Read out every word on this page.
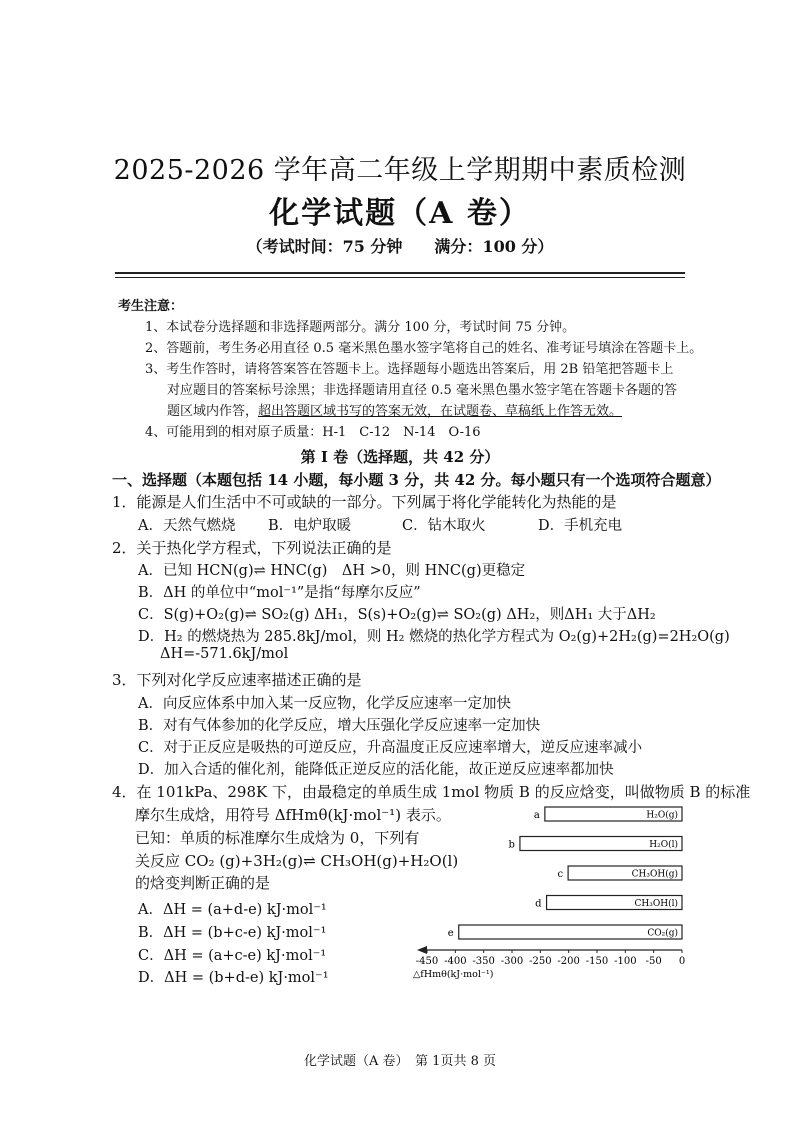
2025-2026 学年高二年级上学期期中素质检测
化学试题（A 卷）
（考试时间：75 分钟　　满分：100 分）
考生注意：
1、本试卷分选择题和非选择题两部分。满分 100 分，考试时间 75 分钟。
2、答题前，考生务必用直径 0.5 毫米黑色墨水签字笔将自己的姓名、准考证号填涂在答题卡上。
3、考生作答时，请将答案答在答题卡上。选择题每小题选出答案后，用 2B 铅笔把答题卡上
对应题目的答案标号涂黑；非选择题请用直径 0.5 毫米黑色墨水签字笔在答题卡各题的答
题区域内作答，超出答题区域书写的答案无效，在试题卷、草稿纸上作答无效。
4、可能用到的相对原子质量：H-1　C-12　N-14　O-16
第 I 卷（选择题，共 42 分）
一、选择题（本题包括 14 小题，每小题 3 分，共 42 分。每小题只有一个选项符合题意）
1．能源是人们生活中不可或缺的一部分。下列属于将化学能转化为热能的是
A．天然气燃烧 B．电炉取暖	C．钻木取火	D．手机充电
2．关于热化学方程式，下列说法正确的是
A．已知 HCN(g)⇌ HNC(g)　ΔH >0，则 HNC(g)更稳定
B．ΔH 的单位中“mol⁻¹”是指“每摩尔反应”
C．S(g)+O₂(g)⇌ SO₂(g) ΔH₁，S(s)+O₂(g)⇌ SO₂(g) ΔH₂，则ΔH₁ 大于ΔH₂
D．H₂ 的燃烧热为 285.8kJ/mol，则 H₂ 燃烧的热化学方程式为 O₂(g)+2H₂(g)=2H₂O(g)
ΔH=-571.6kJ/mol
3．下列对化学反应速率描述正确的是
A．向反应体系中加入某一反应物，化学反应速率一定加快
B．对有气体参加的化学反应，增大压强化学反应速率一定加快
C．对于正反应是吸热的可逆反应，升高温度正反应速率增大，逆反应速率减小
D．加入合适的催化剂，能降低正逆反应的活化能，故正逆反应速率都加快
4．在 101kPa、298K 下，由最稳定的单质生成 1mol 物质 B 的反应焓变，叫做物质 B 的标准
摩尔生成焓，用符号 ΔfHmθ(kJ·mol⁻¹) 表示。
已知：单质的标准摩尔生成焓为 0，下列有
关反应 CO₂ (g)+3H₂(g)⇌ CH₃OH(g)+H₂O(l)
的焓变判断正确的是
A．ΔH = (a+d-e) kJ·mol⁻¹
B．ΔH = (b+c-e) kJ·mol⁻¹
C．ΔH = (a+c-e) kJ·mol⁻¹
D．ΔH = (b+d-e) kJ·mol⁻¹
a	H₂O(g)
b	H₂O(l)
c	CH₃OH(g)
d	CH₃OH(l)
e	CO₂(g)
-450 -400 -350 -300 -250 -200 -150 -100 -50 0
△fHmθ(kJ·mol⁻¹)
化学试题（A 卷）　第 1页共 8 页
